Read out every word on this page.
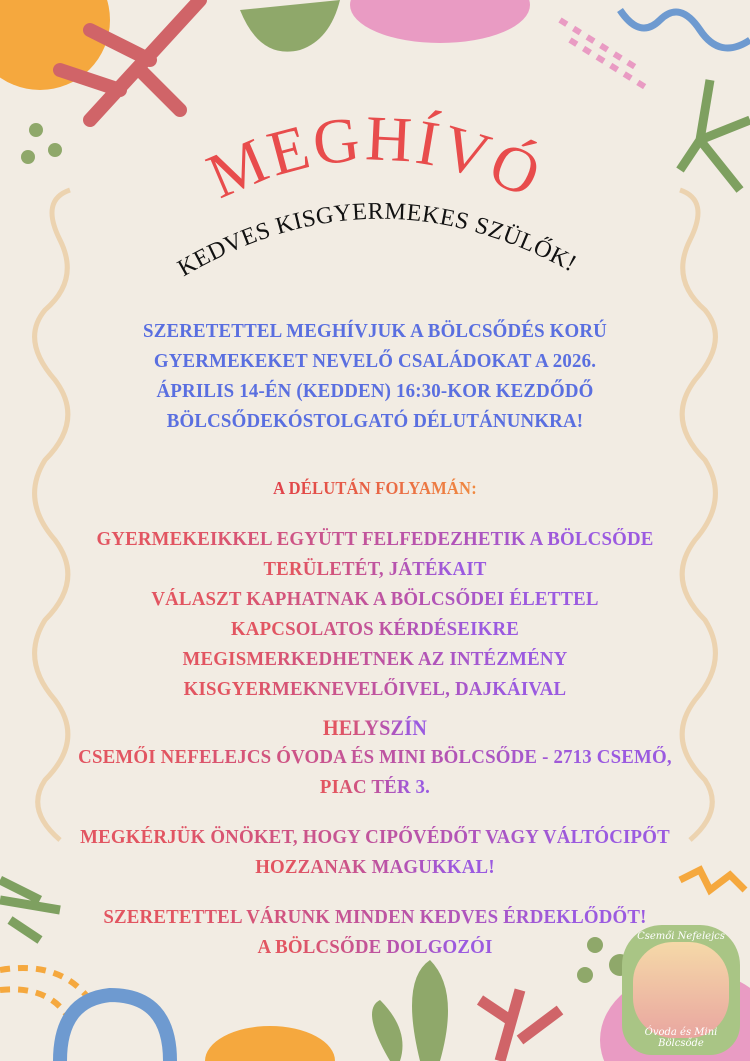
MEGHÍVÓ
KEDVES KISGYERMEKES SZÜLŐK!
SZERETETTEL MEGHÍVJUK A BÖLCSŐDÉS KORÚ
GYERMEKEKET NEVELŐ CSALÁDOKAT A 2026.
ÁPRILIS 14-ÉN (KEDDEN) 16:30-KOR KEZDŐDŐ
BÖLCSŐDEKÓSTOLGATÓ DÉLUTÁNUNKRA!
A DÉLUTÁN FOLYAMÁN:
GYERMEKEIKKEL EGYÜTT FELFEDEZHETIK A BÖLCSŐDE
TERÜLETÉT, JÁTÉKAIT
VÁLASZT KAPHATNAK A BÖLCSŐDEI ÉLETTEL
KAPCSOLATOS KÉRDÉSEIKRE
MEGISMERKEDHETNEK AZ INTÉZMÉNY
KISGYERMEKNEVELŐIVEL, DAJKÁIVAL
HELYSZÍN
CSEMŐI NEFELEJCS ÓVODA ÉS MINI BÖLCSŐDE - 2713 CSEMŐ,
PIAC TÉR 3.
MEGKÉRJÜK ÖNÖKET, HOGY CIPŐVÉDŐT VAGY VÁLTÓCIPŐT
HOZZANAK MAGUKKAL!
SZERETETTEL VÁRUNK MINDEN KEDVES ÉRDEKLŐDŐT!
A BÖLCSŐDE DOLGOZÓI	Csemői Nefelejcs
Óvoda és Mini Bölcsőde
